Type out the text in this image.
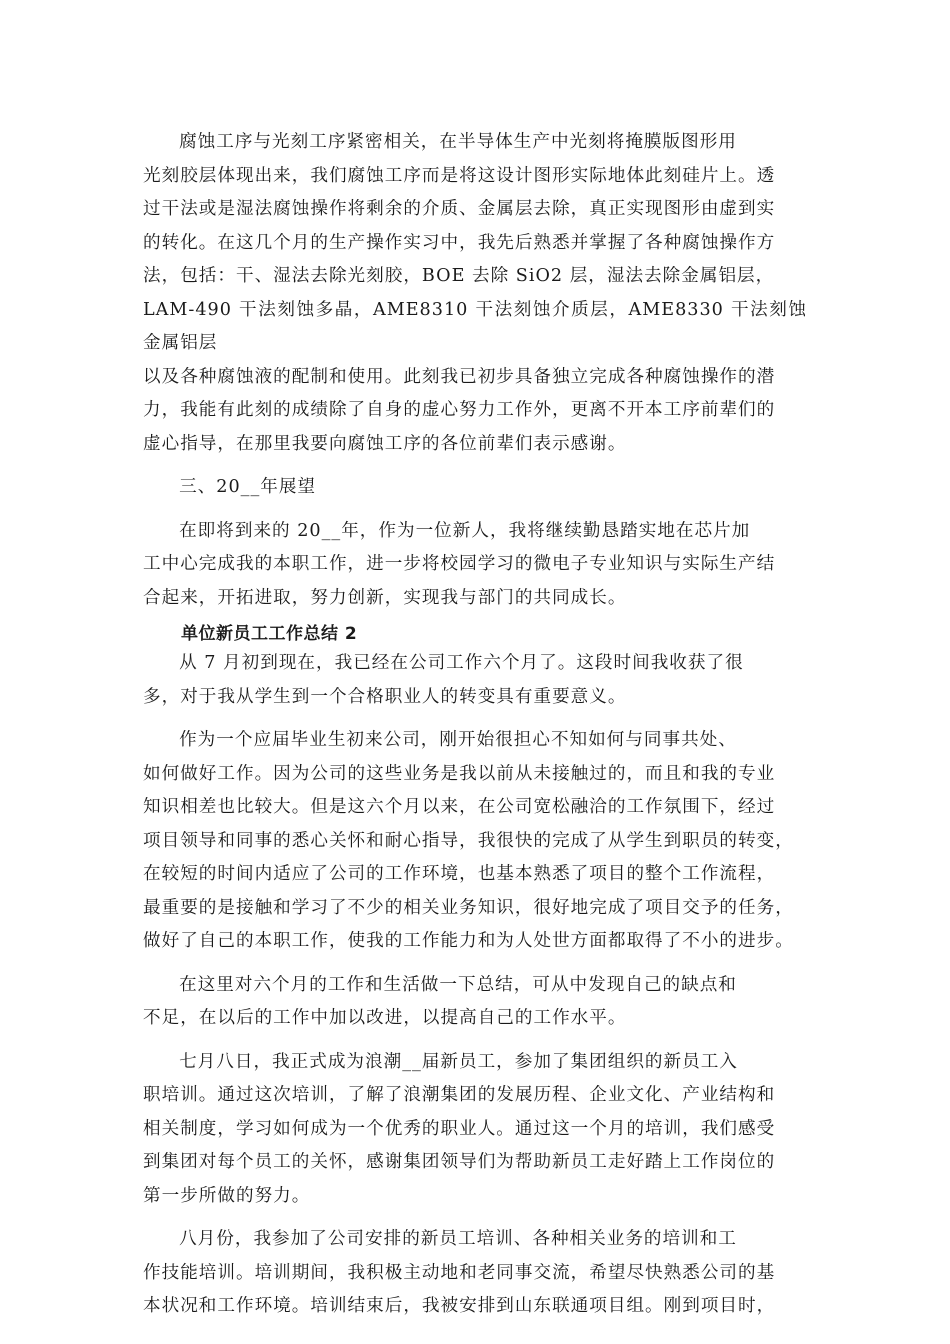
腐蚀工序与光刻工序紧密相关，在半导体生产中光刻将掩膜版图形用
光刻胶层体现出来，我们腐蚀工序而是将这设计图形实际地体此刻硅片上。透
过干法或是湿法腐蚀操作将剩余的介质、金属层去除，真正实现图形由虚到实
的转化。在这几个月的生产操作实习中，我先后熟悉并掌握了各种腐蚀操作方
法，包括：干、湿法去除光刻胶，BOE 去除 SiO2 层，湿法去除金属铝层，
LAM-490 干法刻蚀多晶，AME8310 干法刻蚀介质层，AME8330 干法刻蚀金属铝层
以及各种腐蚀液的配制和使用。此刻我已初步具备独立完成各种腐蚀操作的潜
力，我能有此刻的成绩除了自身的虚心努力工作外，更离不开本工序前辈们的
虚心指导，在那里我要向腐蚀工序的各位前辈们表示感谢。

三、20__年展望

在即将到来的 20__年，作为一位新人，我将继续勤恳踏实地在芯片加
工中心完成我的本职工作，进一步将校园学习的微电子专业知识与实际生产结
合起来，开拓进取，努力创新，实现我与部门的共同成长。

单位新员工工作总结 2

从 7 月初到现在，我已经在公司工作六个月了。这段时间我收获了很
多，对于我从学生到一个合格职业人的转变具有重要意义。

作为一个应届毕业生初来公司，刚开始很担心不知如何与同事共处、
如何做好工作。因为公司的这些业务是我以前从未接触过的，而且和我的专业
知识相差也比较大。但是这六个月以来，在公司宽松融洽的工作氛围下，经过
项目领导和同事的悉心关怀和耐心指导，我很快的完成了从学生到职员的转变，
在较短的时间内适应了公司的工作环境，也基本熟悉了项目的整个工作流程，
最重要的是接触和学习了不少的相关业务知识，很好地完成了项目交予的任务，
做好了自己的本职工作，使我的工作能力和为人处世方面都取得了不小的进步。

在这里对六个月的工作和生活做一下总结，可从中发现自己的缺点和
不足，在以后的工作中加以改进，以提高自己的工作水平。

七月八日，我正式成为浪潮__届新员工，参加了集团组织的新员工入
职培训。通过这次培训，了解了浪潮集团的发展历程、企业文化、产业结构和
相关制度，学习如何成为一个优秀的职业人。通过这一个月的培训，我们感受
到集团对每个员工的关怀，感谢集团领导们为帮助新员工走好踏上工作岗位的
第一步所做的努力。

八月份，我参加了公司安排的新员工培训、各种相关业务的培训和工
作技能培训。培训期间，我积极主动地和老同事交流，希望尽快熟悉公司的基
本状况和工作环境。培训结束后，我被安排到山东联通项目组。刚到项目时，
